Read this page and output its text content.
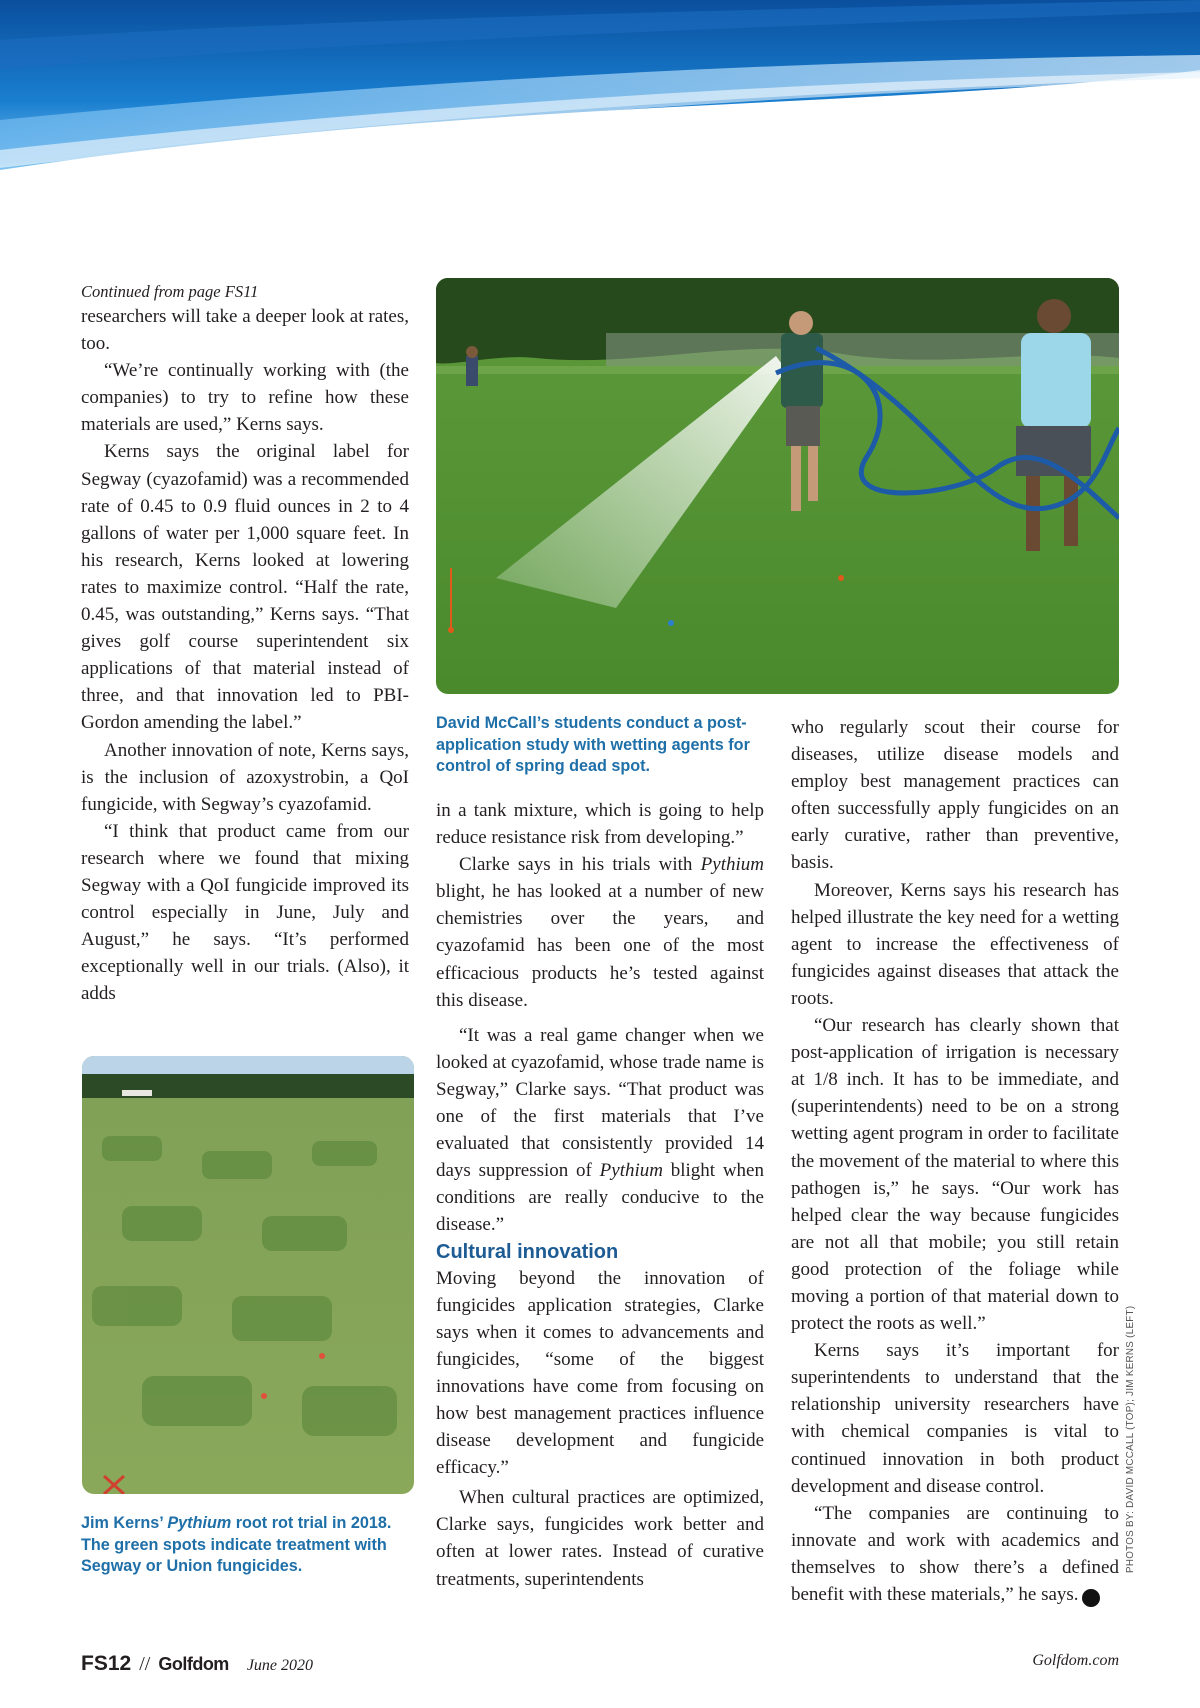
Continued from page FS11

researchers will take a deeper look at rates, too.

“We’re continually working with (the companies) to try to refine how these materials are used,” Kerns says.

Kerns says the original label for Segway (cyazofamid) was a recommended rate of 0.45 to 0.9 fluid ounces in 2 to 4 gallons of water per 1,000 square feet. In his research, Kerns looked at lowering rates to maximize control. “Half the rate, 0.45, was outstanding,” Kerns says. “That gives golf course superintendent six applications of that material instead of three, and that innovation led to PBI-Gordon amending the label.”

Another innovation of note, Kerns says, is the inclusion of azoxystrobin, a QoI fungicide, with Segway’s cyazofamid.

“I think that product came from our research where we found that mixing Segway with a QoI fungicide improved its control especially in June, July and August,” he says. “It’s performed exceptionally well in our trials. (Also), it adds

David McCall’s students conduct a post-application study with wetting agents for control of spring dead spot.
Jim Kerns’ Pythium root rot trial in 2018. The green spots indicate treatment with Segway or Union fungicides.

in a tank mixture, which is going to help reduce resistance risk from developing.”

Clarke says in his trials with Pythium blight, he has looked at a number of new chemistries over the years, and cyazofamid has been one of the most efficacious products he’s tested against this disease.

“It was a real game changer when we looked at cyazofamid, whose trade name is Segway,” Clarke says. “That product was one of the first materials that I’ve evaluated that consistently provided 14 days suppression of Pythium blight when conditions are really conducive to the disease.”

Cultural innovation

Moving beyond the innovation of fungicides application strategies, Clarke says when it comes to advancements and fungicides, “some of the biggest innovations have come from focusing on how best management practices influence disease development and fungicide efficacy.”

When cultural practices are optimized, Clarke says, fungicides work better and often at lower rates. Instead of curative treatments, superintendents

who regularly scout their course for diseases, utilize disease models and employ best management practices can often successfully apply fungicides on an early curative, rather than preventive, basis.

Moreover, Kerns says his research has helped illustrate the key need for a wetting agent to increase the effectiveness of fungicides against diseases that attack the roots.

“Our research has clearly shown that post-application of irrigation is necessary at 1/8 inch. It has to be immediate, and (superintendents) need to be on a strong wetting agent program in order to facilitate the movement of the material to where this pathogen is,” he says. “Our work has helped clear the way because fungicides are not all that mobile; you still retain good protection of the foliage while moving a portion of that material down to protect the roots as well.”

Kerns says it’s important for superintendents to understand that the relationship university researchers have with chemical companies is vital to continued innovation in both product development and disease control.

“The companies are continuing to innovate and work with academics and themselves to show there’s a defined benefit with these materials,” he says. G

PHOTOS BY: DAVID MCCALL (TOP); JIM KERNS (LEFT)
FS12 // Golfdom June 2020	Golfdom.com
